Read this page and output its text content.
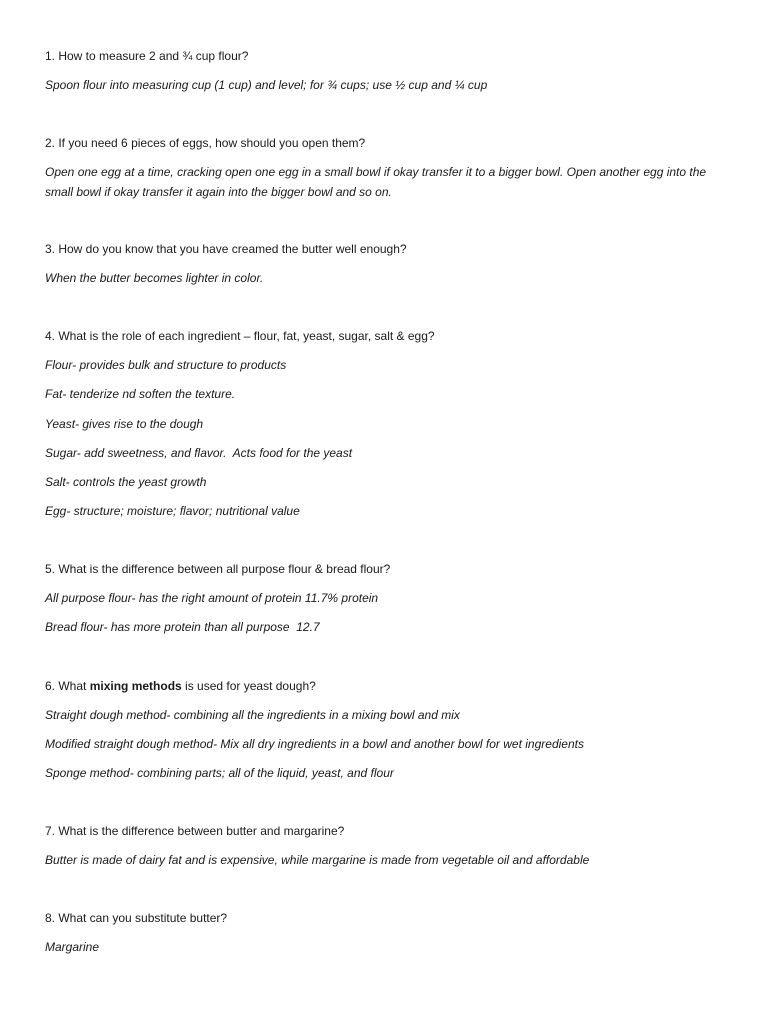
1. How to measure 2 and ¾ cup flour?
Spoon flour into measuring cup (1 cup) and level; for ¾ cups; use ½ cup and ¼ cup
2. If you need 6 pieces of eggs, how should you open them?
Open one egg at a time, cracking open one egg in a small bowl if okay transfer it to a bigger bowl. Open another egg into the small bowl if okay transfer it again into the bigger bowl and so on.
3. How do you know that you have creamed the butter well enough?
When the butter becomes lighter in color.
4. What is the role of each ingredient – flour, fat, yeast, sugar, salt & egg?
Flour- provides bulk and structure to products
Fat- tenderize nd soften the texture.
Yeast- gives rise to the dough
Sugar- add sweetness, and flavor.  Acts food for the yeast
Salt- controls the yeast growth
Egg- structure; moisture; flavor; nutritional value
5. What is the difference between all purpose flour & bread flour?
All purpose flour- has the right amount of protein 11.7% protein
Bread flour- has more protein than all purpose  12.7
6. What mixing methods is used for yeast dough?
Straight dough method- combining all the ingredients in a mixing bowl and mix
Modified straight dough method- Mix all dry ingredients in a bowl and another bowl for wet ingredients
Sponge method- combining parts; all of the liquid, yeast, and flour
7. What is the difference between butter and margarine?
Butter is made of dairy fat and is expensive, while margarine is made from vegetable oil and affordable
8. What can you substitute butter?
Margarine
